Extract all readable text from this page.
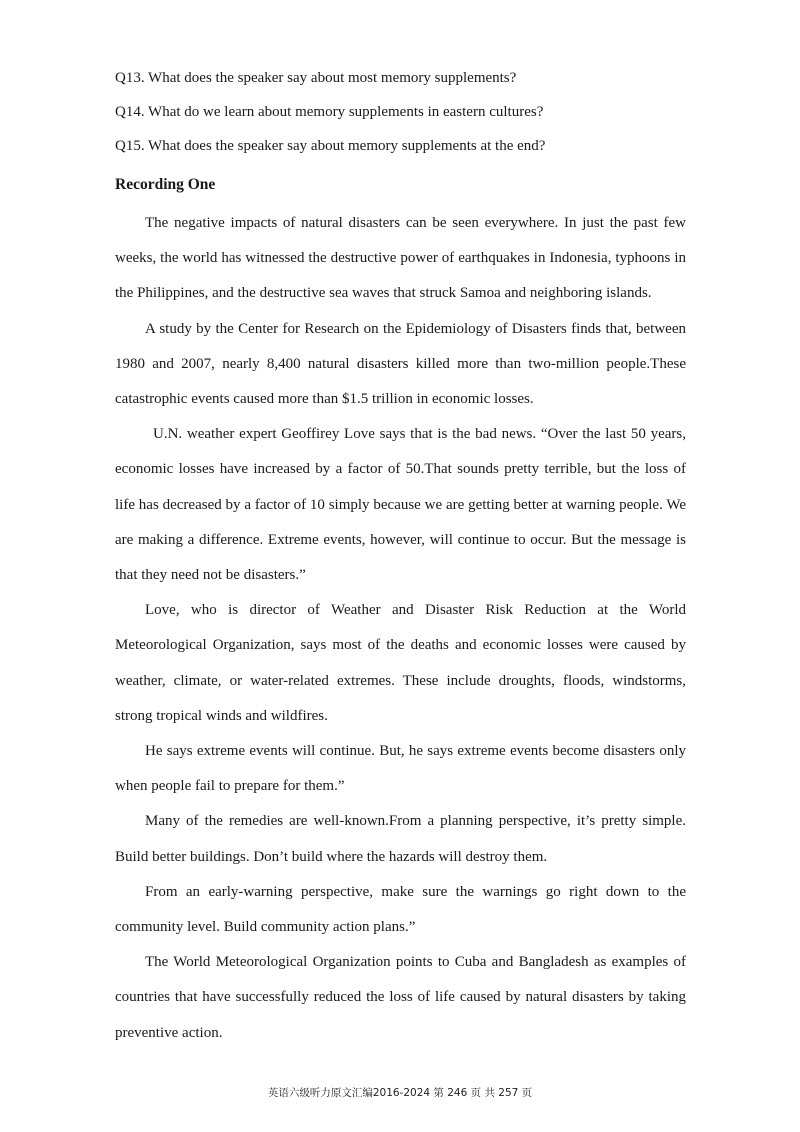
Q13. What does the speaker say about most memory supplements?
Q14. What do we learn about memory supplements in eastern cultures?
Q15. What does the speaker say about memory supplements at the end?
Recording One

The negative impacts of natural disasters can be seen everywhere. In just the past few weeks, the world has witnessed the destructive power of earthquakes in Indonesia, typhoons in the Philippines, and the destructive sea waves that struck Samoa and neighboring islands.

A study by the Center for Research on the Epidemiology of Disasters finds that, between 1980 and 2007, nearly 8,400 natural disasters killed more than two-million people.These catastrophic events caused more than $1.5 trillion in economic losses.

U.N. weather expert Geoffirey Love says that is the bad news. “Over the last 50 years, economic losses have increased by a factor of 50.That sounds pretty terrible, but the loss of life has decreased by a factor of 10 simply because we are getting better at warning people. We are making a difference. Extreme events, however, will continue to occur. But the message is that they need not be disasters.”

Love, who is director of Weather and Disaster Risk Reduction at the World Meteorological Organization, says most of the deaths and economic losses were caused by weather, climate, or water-related extremes. These include droughts, floods, windstorms, strong tropical winds and wildfires.

He says extreme events will continue. But, he says extreme events become disasters only when people fail to prepare for them.”

Many of the remedies are well-known.From a planning perspective, it’s pretty simple. Build better buildings. Don’t build where the hazards will destroy them.

From an early-warning perspective, make sure the warnings go right down to the community level. Build community action plans.”

The World Meteorological Organization points to Cuba and Bangladesh as examples of countries that have successfully reduced the loss of life caused by natural disasters by taking preventive action.

英语六级听力原文汇编2016-2024 第 246 页 共 257 页
